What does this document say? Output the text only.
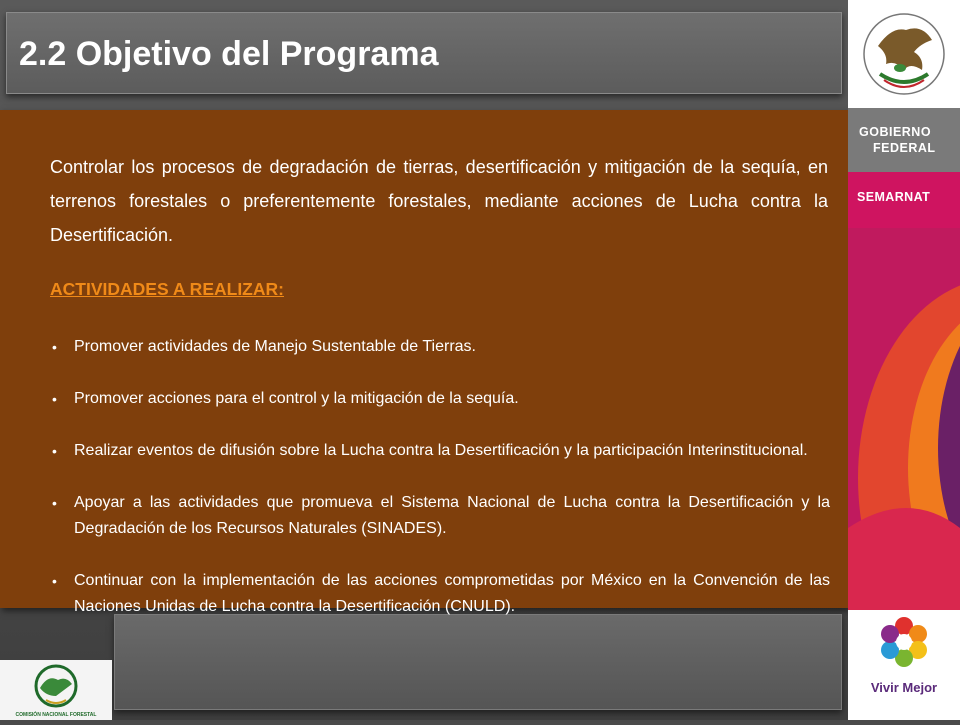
2.2 Objetivo del Programa

Controlar los procesos de degradación de tierras, desertificación y mitigación de la sequía, en terrenos forestales o preferentemente forestales, mediante acciones de Lucha contra la Desertificación.

ACTIVIDADES A REALIZAR:

• Promover actividades de Manejo Sustentable de Tierras.
• Promover acciones para el control y la mitigación de la sequía.
• Realizar eventos de difusión sobre la Lucha contra la Desertificación y la participación Interinstitucional.
• Apoyar a las actividades que promueva el Sistema Nacional de Lucha contra la Desertificación y la Degradación de los Recursos Naturales (SINADES).
• Continuar con la implementación de las acciones comprometidas por México en la Convención de las Naciones Unidas de Lucha contra la Desertificación (CNULD).
COMISIÓN NACIONAL FORESTAL
GOBIERNO
FEDERAL
SEMARNAT
Vivir Mejor
